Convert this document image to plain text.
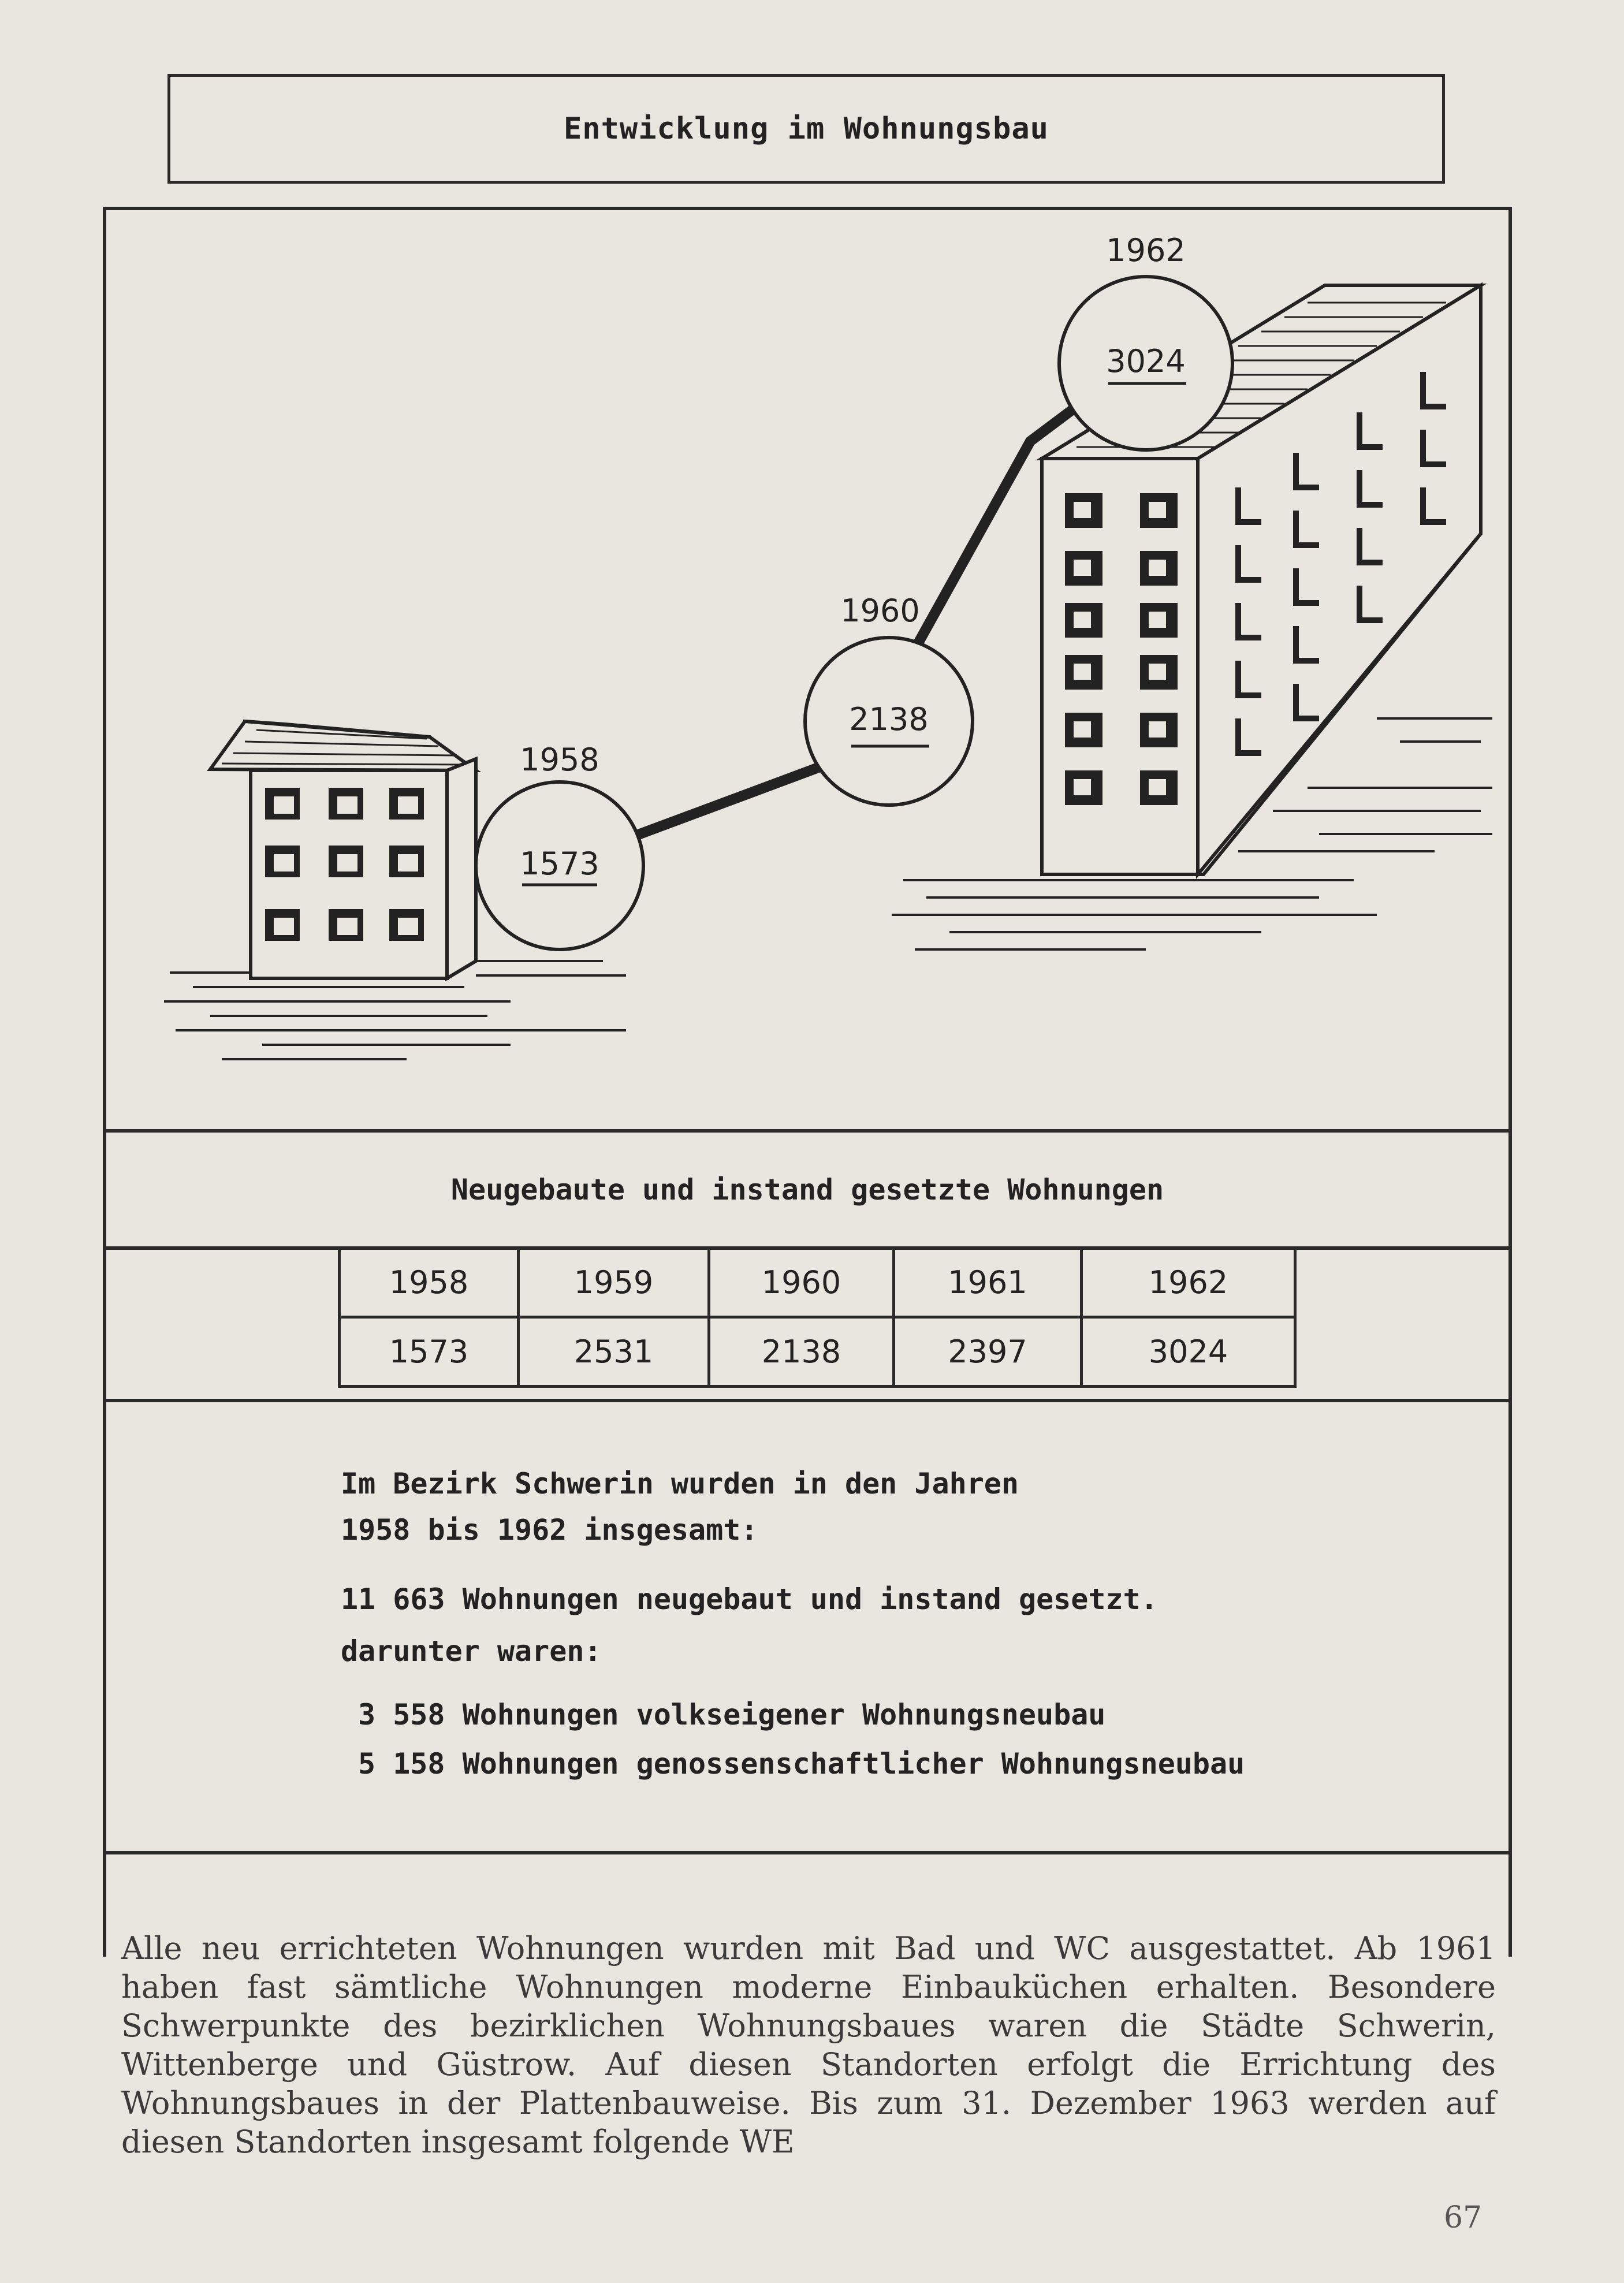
Entwicklung im Wohnungsbau
1958
1573
1960
2138
1962
3024
Neugebaute und instand gesetzte Wohnungen
1958	1959	1960	1961	1962
1573	2531	2138	2397	3024
Im Bezirk Schwerin wurden in den Jahren
1958 bis 1962 insgesamt:
11 663 Wohnungen neugebaut und instand gesetzt.
darunter waren:
3 558 Wohnungen volkseigener Wohnungsneubau
5 158 Wohnungen genossenschaftlicher Wohnungsneubau
Alle neu errichteten Wohnungen wurden mit Bad und WC ausgestattet. Ab 1961 haben fast sämtliche Wohnungen moderne Einbauküchen erhalten. Besondere Schwerpunkte des bezirklichen Wohnungsbaues waren die Städte Schwerin, Wittenberge und Güstrow. Auf diesen Standorten erfolgt die Errichtung des Wohnungsbaues in der Plattenbauweise. Bis zum 31. Dezember 1963 werden auf diesen Standorten insgesamt folgende WE
67
